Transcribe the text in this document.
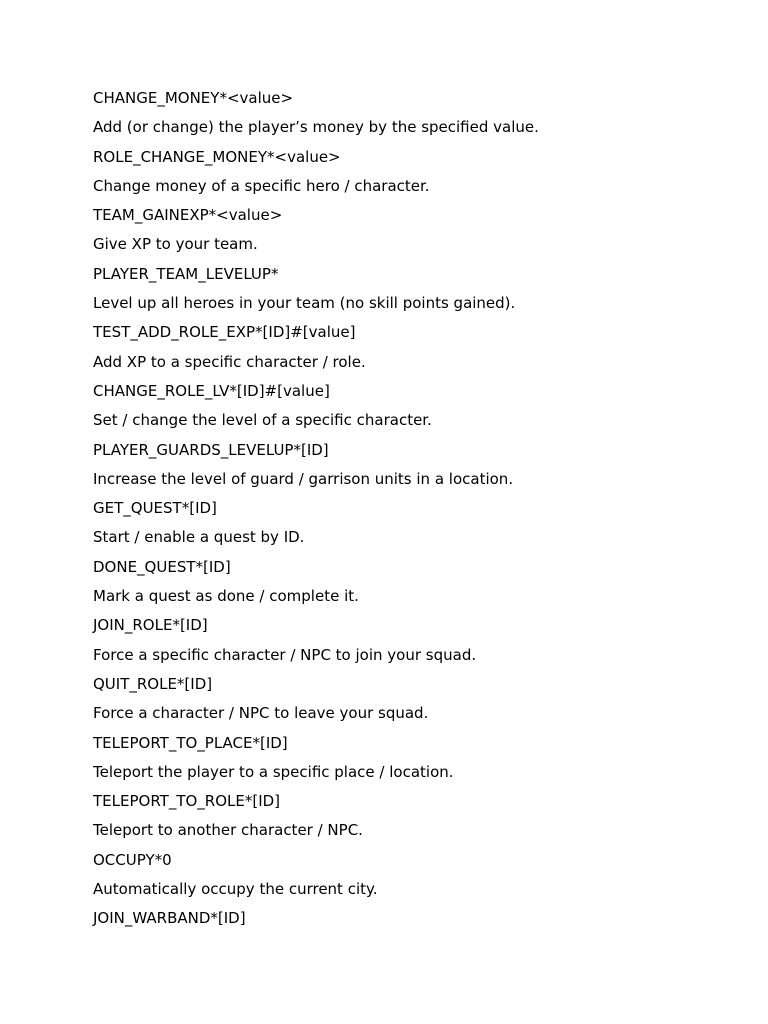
CHANGE_MONEY*<value>
Add (or change) the player’s money by the specified value.
ROLE_CHANGE_MONEY*<value>
Change money of a specific hero / character.
TEAM_GAINEXP*<value>
Give XP to your team.
PLAYER_TEAM_LEVELUP*
Level up all heroes in your team (no skill points gained).
TEST_ADD_ROLE_EXP*[ID]#[value]
Add XP to a specific character / role.
CHANGE_ROLE_LV*[ID]#[value]
Set / change the level of a specific character.
PLAYER_GUARDS_LEVELUP*[ID]
Increase the level of guard / garrison units in a location.
GET_QUEST*[ID]
Start / enable a quest by ID.
DONE_QUEST*[ID]
Mark a quest as done / complete it.
JOIN_ROLE*[ID]
Force a specific character / NPC to join your squad.
QUIT_ROLE*[ID]
Force a character / NPC to leave your squad.
TELEPORT_TO_PLACE*[ID]
Teleport the player to a specific place / location.
TELEPORT_TO_ROLE*[ID]
Teleport to another character / NPC.
OCCUPY*0
Automatically occupy the current city.
JOIN_WARBAND*[ID]
